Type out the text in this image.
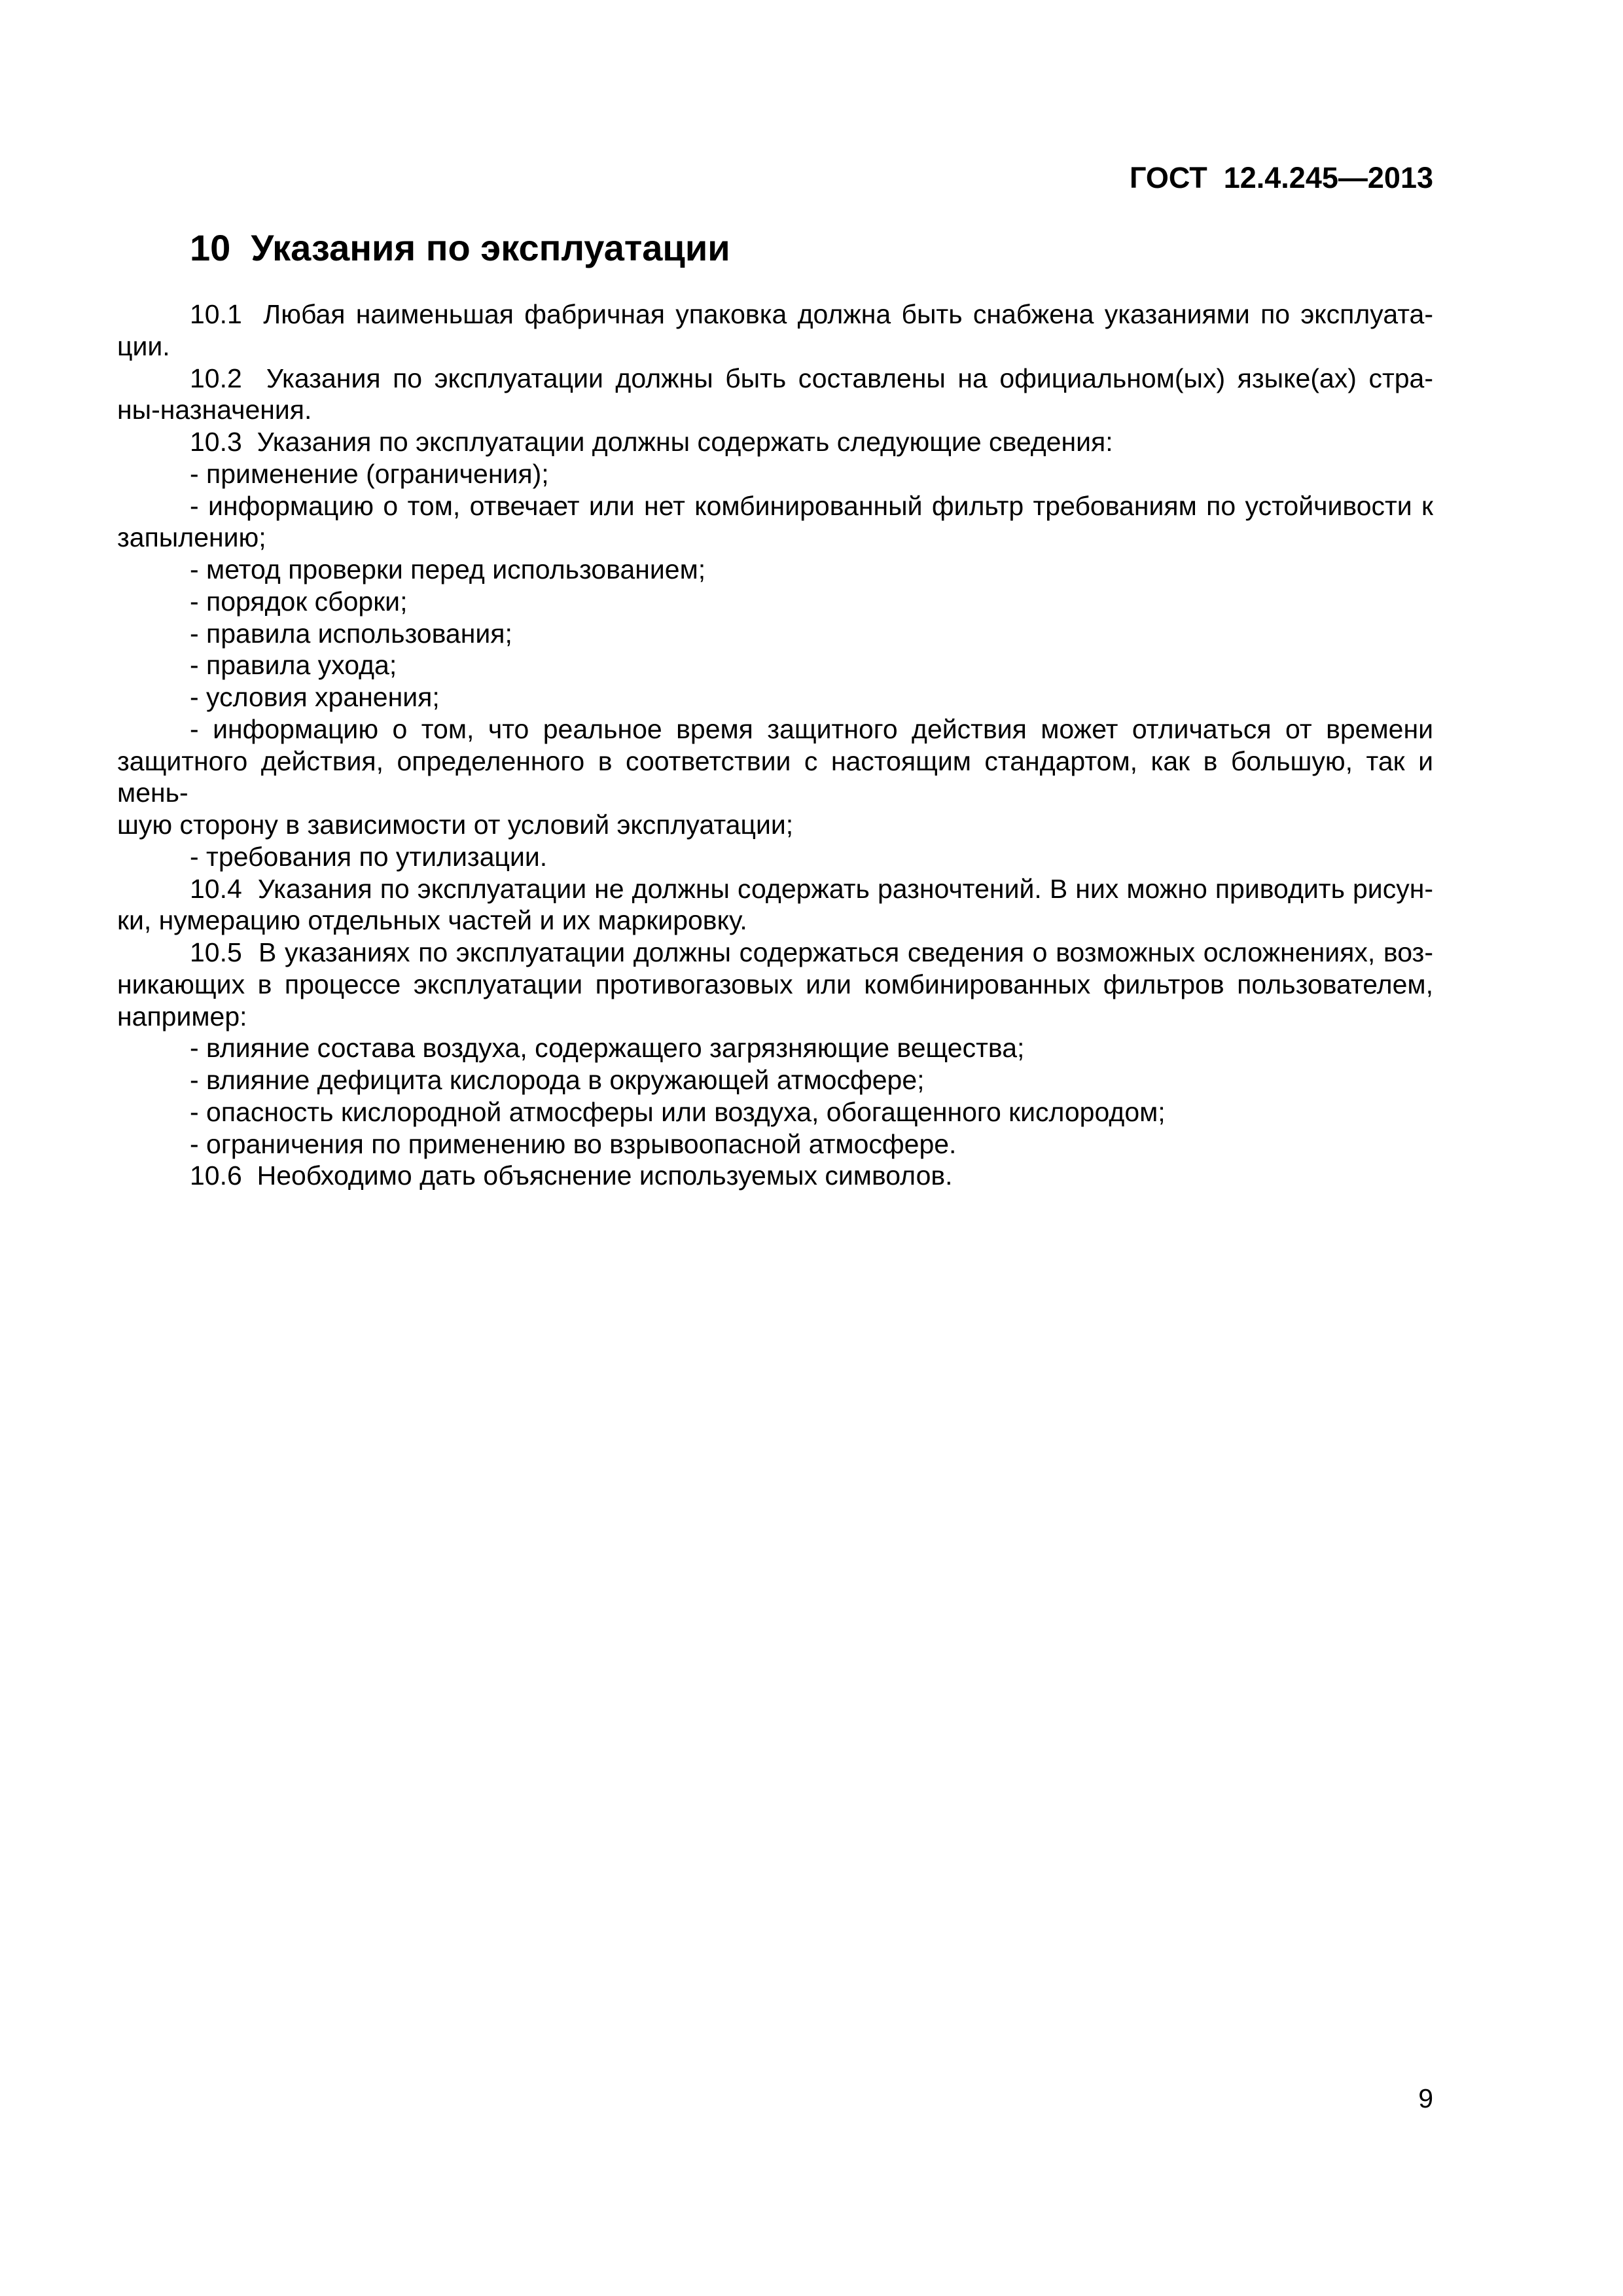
ГОСТ  12.4.245—2013
10  Указания по эксплуатации
10.1  Любая наименьшая фабричная упаковка должна быть снабжена указаниями по эксплуата-
ции.
10.2  Указания по эксплуатации должны быть составлены на официальном(ых) языке(ах) стра-
ны-назначения.
10.3  Указания по эксплуатации должны содержать следующие сведения:
- применение (ограничения);
- информацию о том, отвечает или нет комбинированный фильтр требованиям по устойчивости к
запылению;
- метод проверки перед использованием;
- порядок сборки;
- правила использования;
- правила ухода;
- условия хранения;
- информацию о том, что реальное время защитного действия может отличаться от времени
защитного действия, определенного в соответствии с настоящим стандартом, как в большую, так и мень-
шую сторону в зависимости от условий эксплуатации;
- требования по утилизации.
10.4  Указания по эксплуатации не должны содержать разночтений. В них можно приводить рисун-
ки, нумерацию отдельных частей и их маркировку.
10.5  В указаниях по эксплуатации должны содержаться сведения о возможных осложнениях, воз-
никающих в процессе эксплуатации противогазовых или комбинированных фильтров пользователем,
например:
- влияние состава воздуха, содержащего загрязняющие вещества;
- влияние дефицита кислорода в окружающей атмосфере;
- опасность кислородной атмосферы или воздуха, обогащенного кислородом;
- ограничения по применению во взрывоопасной атмосфере.
10.6  Необходимо дать объяснение используемых символов.
9
